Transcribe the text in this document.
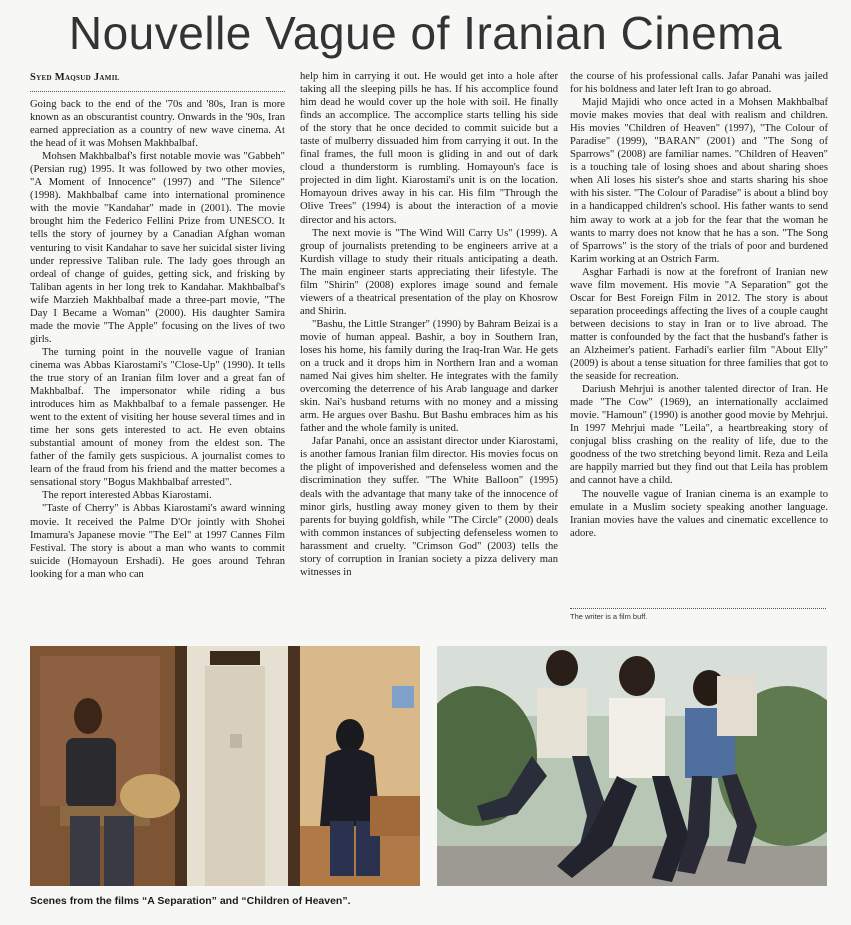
Nouvelle Vague of Iranian Cinema
Syed Maqsud Jamil

Going back to the end of the '70s and '80s, Iran is more known as an obscurantist country. Onwards in the '90s, Iran earned appreciation as a country of new wave cinema. At the head of it was Mohsen Makhbalbaf.

Mohsen Makhbalbaf's first notable movie was "Gabbeh" (Persian rug) 1995. It was followed by two other movies, "A Moment of Innocence" (1997) and "The Silence" (1998). Makhbalbaf came into international prominence with the movie "Kandahar" made in (2001). The movie brought him the Federico Fellini Prize from UNESCO. It tells the story of journey by a Canadian Afghan woman venturing to visit Kandahar to save her suicidal sister living under repressive Taliban rule. The lady goes through an ordeal of change of guides, getting sick, and frisking by Taliban agents in her long trek to Kandahar. Makhbalbaf's wife Marzieh Makhbalbaf made a three-part movie, "The Day I Became a Woman" (2000). His daughter Samira made the movie "The Apple" focusing on the lives of two girls.

The turning point in the nouvelle vague of Iranian cinema was Abbas Kiarostami's "Close-Up" (1990). It tells the true story of an Iranian film lover and a great fan of Makhbalbaf. The impersonator while riding a bus introduces him as Makhbalbaf to a female passenger. He went to the extent of visiting her house several times and in time her sons gets interested to act. He even obtains substantial amount of money from the eldest son. The father of the family gets suspicious. A journalist comes to learn of the fraud from his friend and the matter becomes a sensational story "Bogus Makhbalbaf arrested".

The report interested Abbas Kiarostami.

"Taste of Cherry" is Abbas Kiarostami's award winning movie. It received the Palme D'Or jointly with Shohei Imamura's Japanese movie "The Eel" at 1997 Cannes Film Festival. The story is about a man who wants to commit suicide (Homayoun Ershadi). He goes around Tehran looking for a man who can

help him in carrying it out. He would get into a hole after taking all the sleeping pills he has. If his accomplice found him dead he would cover up the hole with soil. He finally finds an accomplice. The accomplice starts telling his side of the story that he once decided to commit suicide but a taste of mulberry dissuaded him from carrying it out. In the final frames, the full moon is gliding in and out of dark cloud a thunderstorm is rumbling. Homayoun's face is projected in dim light. Kiarostami's unit is on the location. Homayoun drives away in his car. His film "Through the Olive Trees" (1994) is about the interaction of a movie director and his actors.

The next movie is "The Wind Will Carry Us" (1999). A group of journalists pretending to be engineers arrive at a Kurdish village to study their rituals anticipating a death. The main engineer starts appreciating their lifestyle. The film "Shirin" (2008) explores image sound and female viewers of a theatrical presentation of the play on Khosrow and Shirin.

"Bashu, the Little Stranger" (1990) by Bahram Beizai is a movie of human appeal. Bashir, a boy in Southern Iran, loses his home, his family during the Iraq-Iran War. He gets on a truck and it drops him in Northern Iran and a woman named Nai gives him shelter. He integrates with the family overcoming the deterrence of his Arab language and darker skin. Nai's husband returns with no money and a missing arm. He argues over Bashu. But Bashu embraces him as his father and the whole family is united.

Jafar Panahi, once an assistant director under Kiarostami, is another famous Iranian film director. His movies focus on the plight of impoverished and defenseless women and the discrimination they suffer. "The White Balloon" (1995) deals with the advantage that many take of the innocence of minor girls, hustling away money given to them by their parents for buying goldfish, while "The Circle" (2000) deals with common instances of subjecting defenseless women to harassment and cruelty. "Crimson God" (2003) tells the story of corruption in Iranian society a pizza delivery man witnesses in

the course of his professional calls. Jafar Panahi was jailed for his boldness and later left Iran to go abroad.

Majid Majidi who once acted in a Mohsen Makhbalbaf movie makes movies that deal with realism and children. His movies "Children of Heaven" (1997), "The Colour of Paradise" (1999), "BARAN" (2001) and "The Song of Sparrows" (2008) are familiar names. "Children of Heaven" is a touching tale of losing shoes and about sharing shoes when Ali loses his sister's shoe and starts sharing his shoe with his sister. "The Colour of Paradise" is about a blind boy in a handicapped children's school. His father wants to send him away to work at a job for the fear that the woman he wants to marry does not know that he has a son. "The Song of Sparrows" is the story of the trials of poor and burdened Karim working at an Ostrich Farm.

Asghar Farhadi is now at the forefront of Iranian new wave film movement. His movie "A Separation" got the Oscar for Best Foreign Film in 2012. The story is about separation proceedings affecting the lives of a couple caught between decisions to stay in Iran or to live abroad. The matter is confounded by the fact that the husband's father is an Alzheimer's patient. Farhadi's earlier film "About Elly" (2009) is about a tense situation for three families that got to the seaside for recreation.

Dariush Mehrjui is another talented director of Iran. He made "The Cow" (1969), an internationally acclaimed movie. "Hamoun" (1990) is another good movie by Mehrjui. In 1997 Mehrjui made "Leila", a heartbreaking story of conjugal bliss crashing on the reality of life, due to the goodness of the two stretching beyond limit. Reza and Leila are happily married but they find out that Leila has problem and cannot have a child.

The nouvelle vague of Iranian cinema is an example to emulate in a Muslim society speaking another language. Iranian movies have the values and cinematic excellence to adore.

The writer is a film buff.
Scenes from the films “A Separation” and “Children of Heaven”.
